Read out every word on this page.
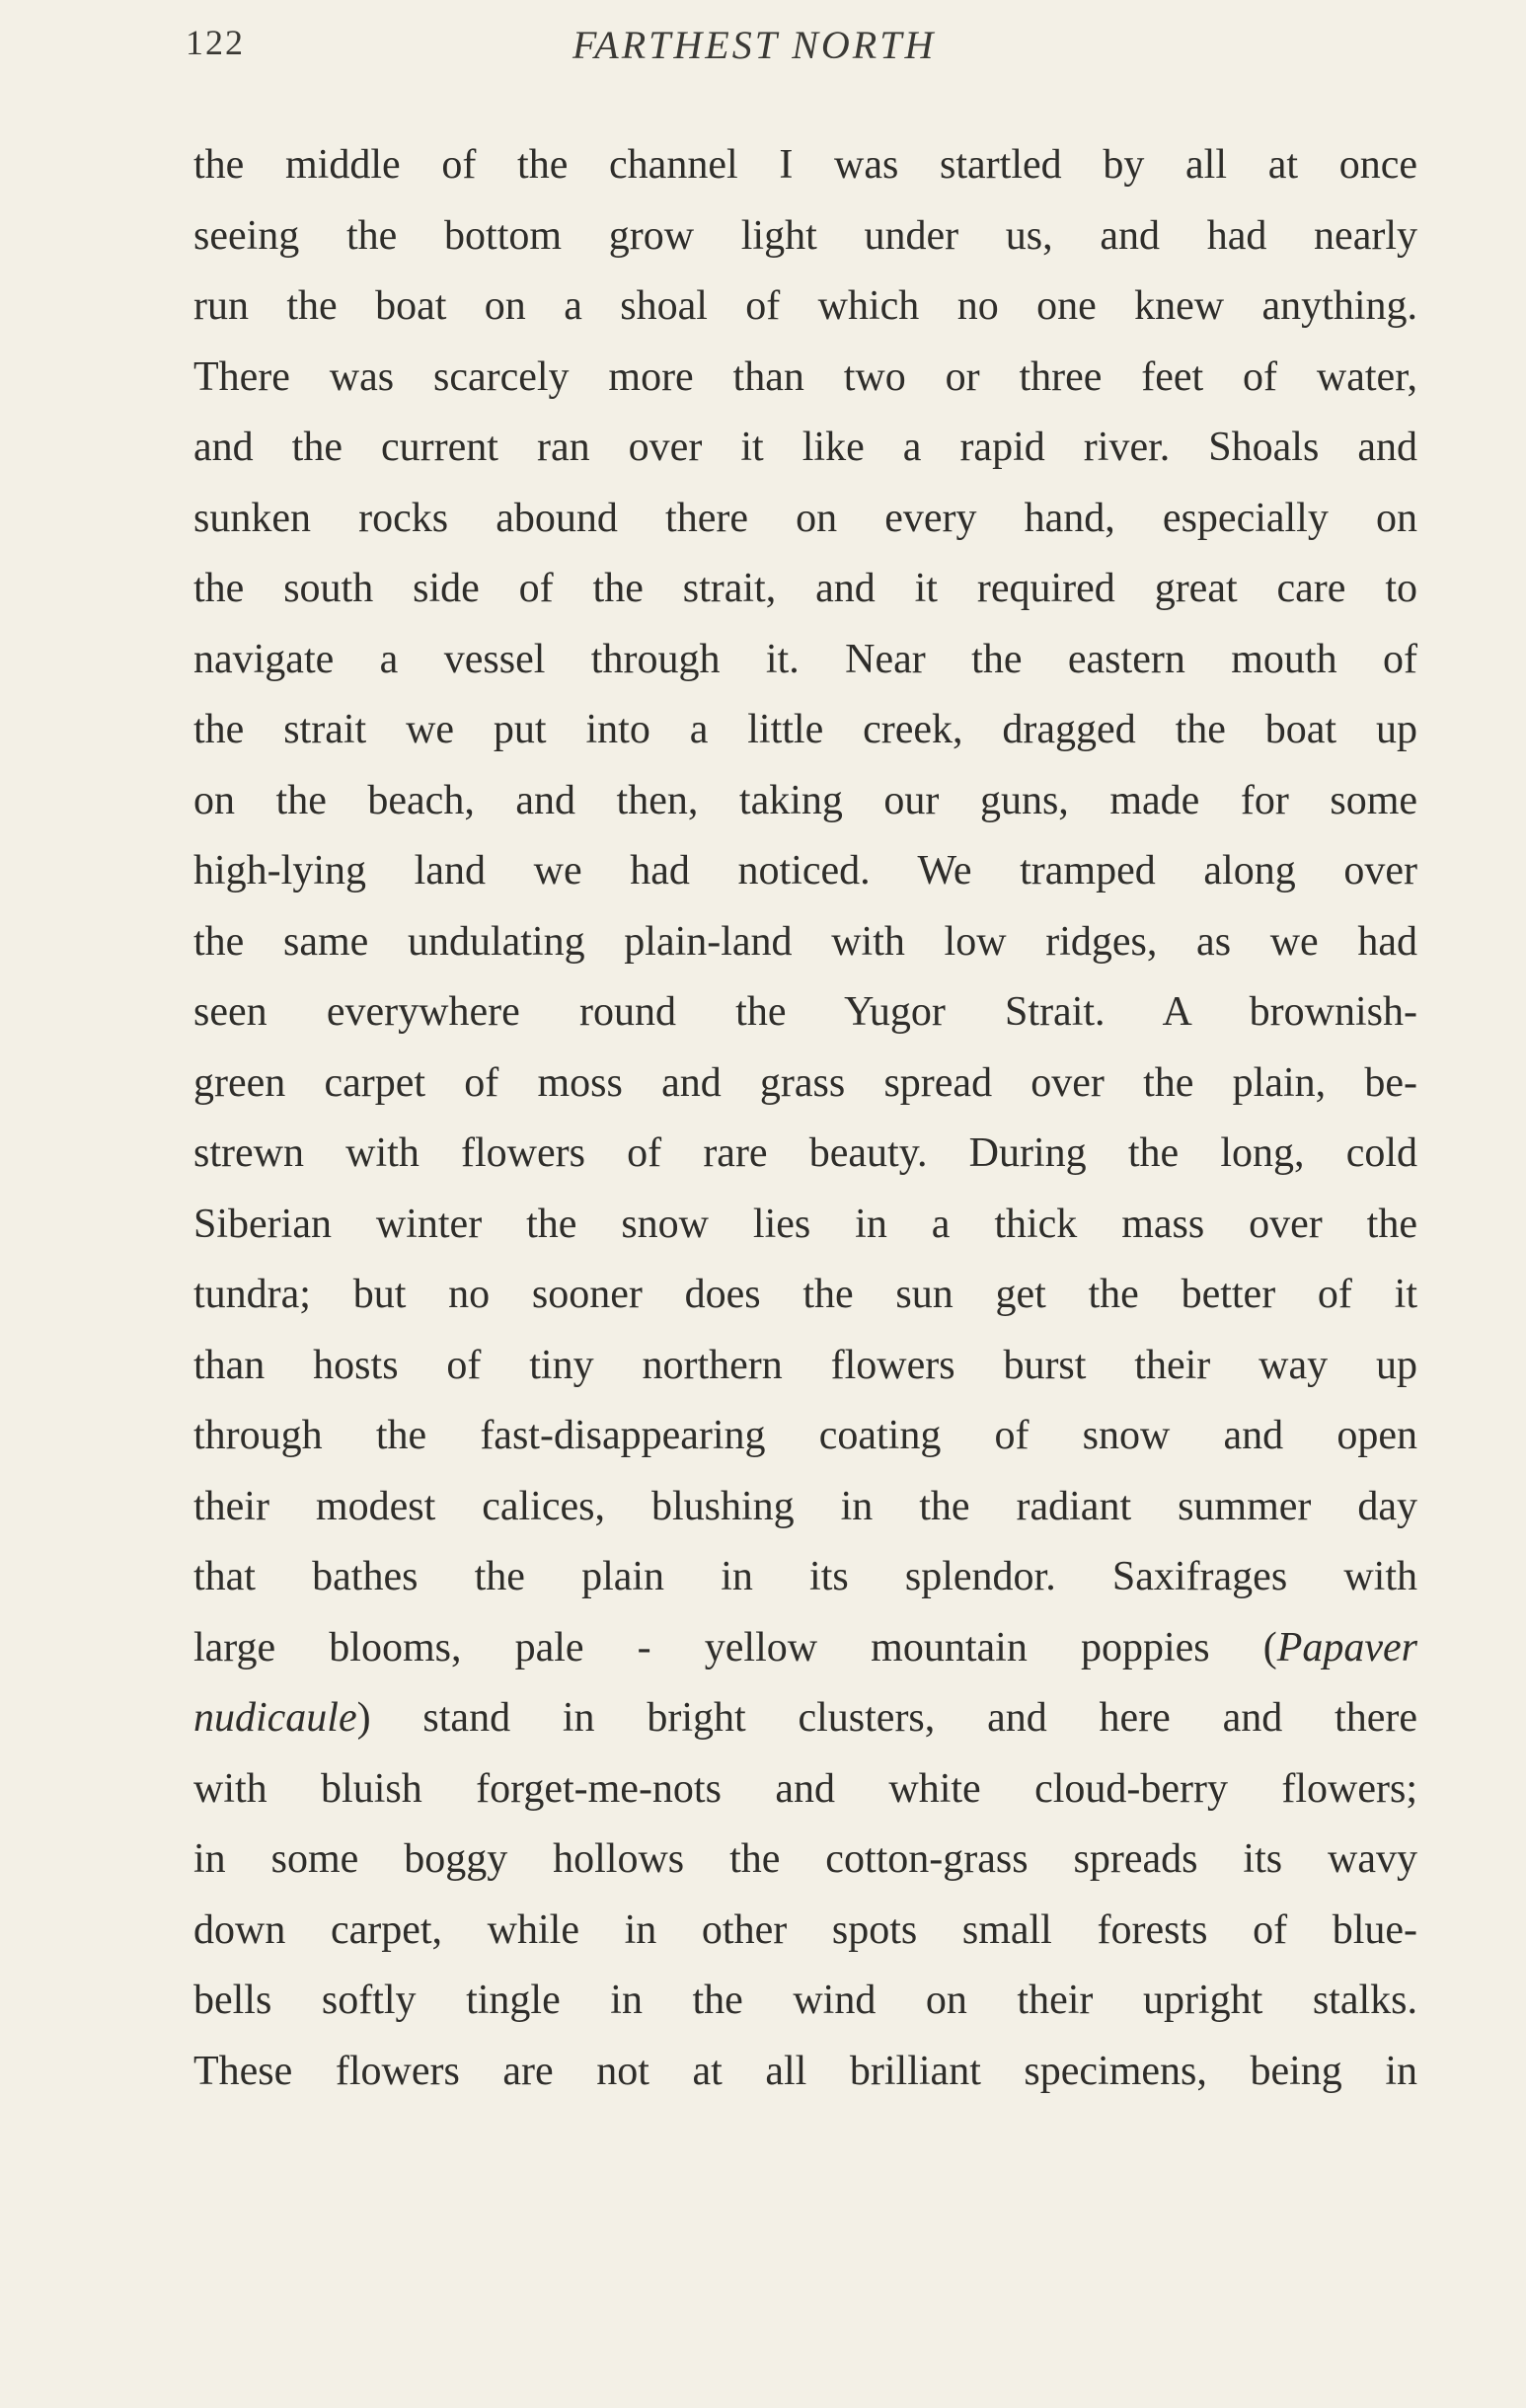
122	FARTHEST NORTH
the middle of the channel I was startled by all at once
seeing the bottom grow light under us, and had nearly
run the boat on a shoal of which no one knew anything.
There was scarcely more than two or three feet of water,
and the current ran over it like a rapid river. Shoals and
sunken rocks abound there on every hand, especially on
the south side of the strait, and it required great care to
navigate a vessel through it. Near the eastern mouth of
the strait we put into a little creek, dragged the boat up
on the beach, and then, taking our guns, made for some
high-lying land we had noticed. We tramped along over
the same undulating plain-land with low ridges, as we had
seen everywhere round the Yugor Strait. A brownish-
green carpet of moss and grass spread over the plain, be-
strewn with flowers of rare beauty. During the long, cold
Siberian winter the snow lies in a thick mass over the
tundra; but no sooner does the sun get the better of it
than hosts of tiny northern flowers burst their way up
through the fast-disappearing coating of snow and open
their modest calices, blushing in the radiant summer day
that bathes the plain in its splendor. Saxifrages with
large blooms, pale - yellow mountain poppies (Papaver
nudicaule) stand in bright clusters, and here and there
with bluish forget-me-nots and white cloud-berry flowers;
in some boggy hollows the cotton-grass spreads its wavy
down carpet, while in other spots small forests of blue-
bells softly tingle in the wind on their upright stalks.
These flowers are not at all brilliant specimens, being in
